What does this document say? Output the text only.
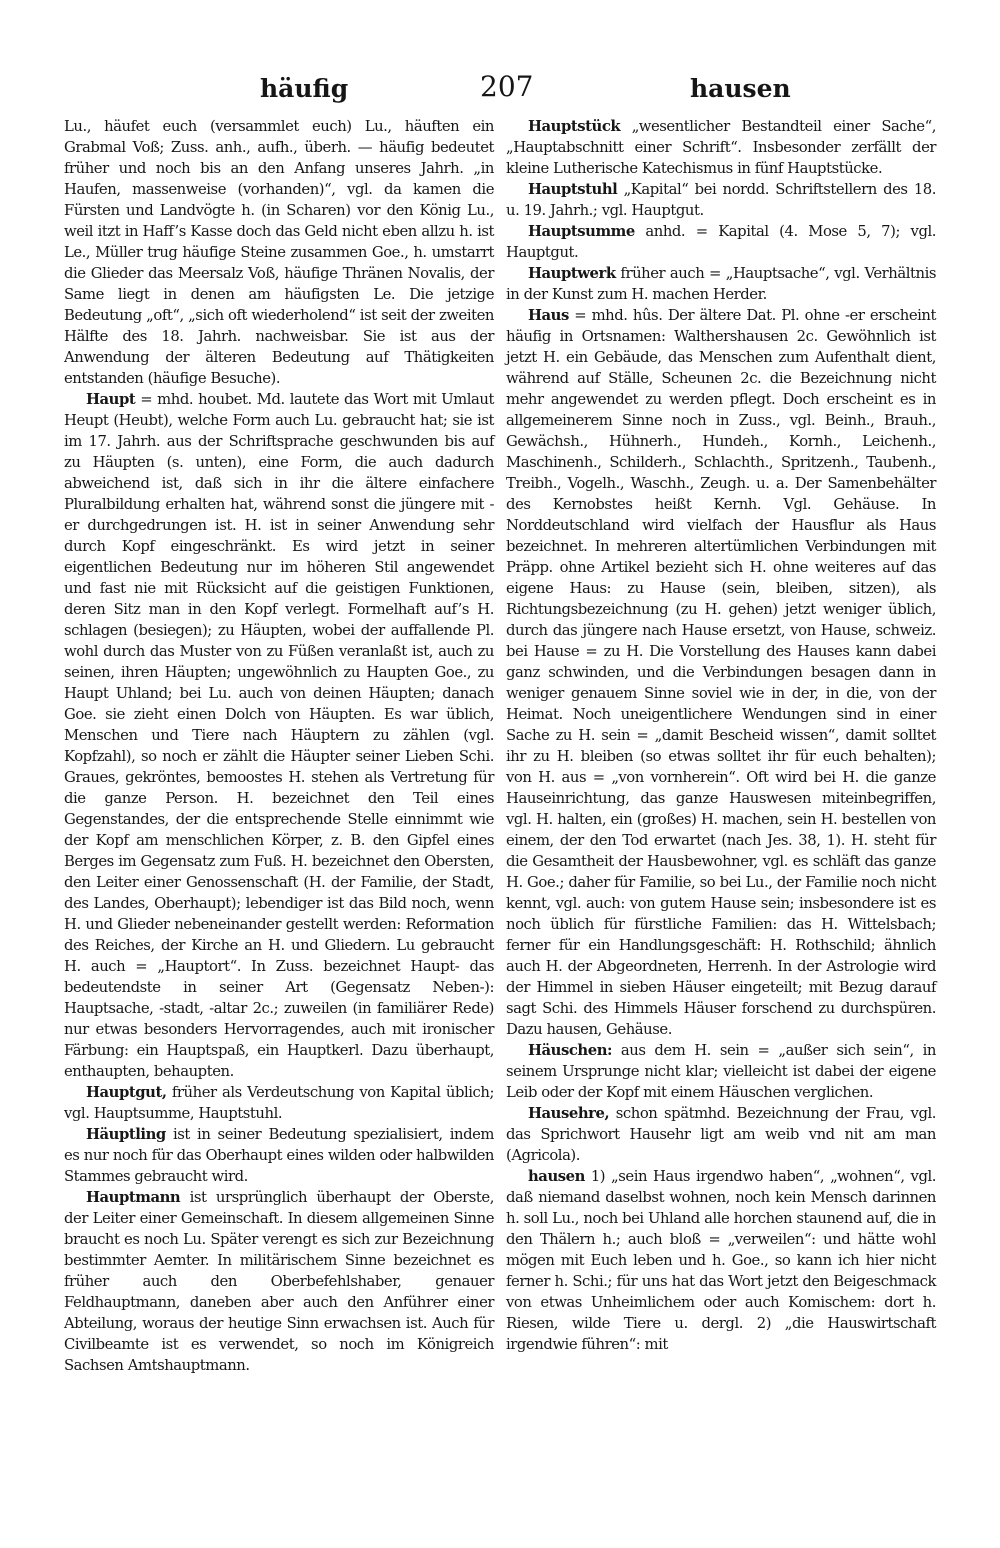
häufig	207	hausen

Lu., häufet euch (versammlet euch) Lu., häuften ein Grabmal Voß; Zuss. anh., aufh., überh. — häufig bedeutet früher und noch bis an den Anfang unseres Jahrh. „in Haufen, massenweise (vorhanden)“, vgl. da kamen die Fürsten und Landvögte h. (in Scharen) vor den König Lu., weil itzt in Haff’s Kasse doch das Geld nicht eben allzu h. ist Le., Müller trug häufige Steine zusammen Goe., h. umstarrt die Glieder das Meersalz Voß, häufige Thränen Novalis, der Same liegt in denen am häufigsten Le. Die jetzige Bedeutung „oft“, „sich oft wiederholend“ ist seit der zweiten Hälfte des 18. Jahrh. nachweisbar. Sie ist aus der Anwendung der älteren Bedeutung auf Thätigkeiten entstanden (häufige Besuche).

Haupt = mhd. houbet. Md. lautete das Wort mit Umlaut Heupt (Heubt), welche Form auch Lu. gebraucht hat; sie ist im 17. Jahrh. aus der Schriftsprache geschwunden bis auf zu Häupten (s. unten), eine Form, die auch dadurch abweichend ist, daß sich in ihr die ältere einfachere Pluralbildung erhalten hat, während sonst die jüngere mit -er durchgedrungen ist. H. ist in seiner Anwendung sehr durch Kopf eingeschränkt. Es wird jetzt in seiner eigentlichen Bedeutung nur im höheren Stil angewendet und fast nie mit Rücksicht auf die geistigen Funktionen, deren Sitz man in den Kopf verlegt. Formelhaft auf’s H. schlagen (besiegen); zu Häupten, wobei der auffallende Pl. wohl durch das Muster von zu Füßen veranlaßt ist, auch zu seinen, ihren Häupten; ungewöhnlich zu Haupten Goe., zu Haupt Uhland; bei Lu. auch von deinen Häupten; danach Goe. sie zieht einen Dolch von Häupten. Es war üblich, Menschen und Tiere nach Häuptern zu zählen (vgl. Kopfzahl), so noch er zählt die Häupter seiner Lieben Schi. Graues, gekröntes, bemoostes H. stehen als Vertretung für die ganze Person. H. bezeichnet den Teil eines Gegenstandes, der die entsprechende Stelle einnimmt wie der Kopf am menschlichen Körper, z. B. den Gipfel eines Berges im Gegensatz zum Fuß. H. bezeichnet den Obersten, den Leiter einer Genossenschaft (H. der Familie, der Stadt, des Landes, Oberhaupt); lebendiger ist das Bild noch, wenn H. und Glieder nebeneinander gestellt werden: Reformation des Reiches, der Kirche an H. und Gliedern. Lu gebraucht H. auch = „Hauptort“. In Zuss. bezeichnet Haupt- das bedeutendste in seiner Art (Gegensatz Neben-): Hauptsache, -stadt, -altar 2c.; zuweilen (in familiärer Rede) nur etwas besonders Hervorragendes, auch mit ironischer Färbung: ein Hauptspaß, ein Hauptkerl. Dazu überhaupt, enthaupten, behaupten.

Hauptgut, früher als Verdeutschung von Kapital üblich; vgl. Hauptsumme, Hauptstuhl.

Häuptling ist in seiner Bedeutung spezialisiert, indem es nur noch für das Oberhaupt eines wilden oder halbwilden Stammes gebraucht wird.

Hauptmann ist ursprünglich überhaupt der Oberste, der Leiter einer Gemeinschaft. In diesem allgemeinen Sinne braucht es noch Lu. Später verengt es sich zur Bezeichnung bestimmter Aemter. In militärischem Sinne bezeichnet es früher auch den Oberbefehlshaber, genauer Feldhauptmann, daneben aber auch den Anführer einer Abteilung, woraus der heutige Sinn erwachsen ist. Auch für Civilbeamte ist es verwendet, so noch im Königreich Sachsen Amtshauptmann.

Hauptstück „wesentlicher Bestandteil einer Sache“, „Hauptabschnitt einer Schrift“. Insbesonder zerfällt der kleine Lutherische Katechismus in fünf Hauptstücke.

Hauptstuhl „Kapital“ bei nordd. Schriftstellern des 18. u. 19. Jahrh.; vgl. Hauptgut.

Hauptsumme anhd. = Kapital (4. Mose 5, 7); vgl. Hauptgut.

Hauptwerk früher auch = „Hauptsache“, vgl. Verhältnis in der Kunst zum H. machen Herder.

Haus = mhd. hûs. Der ältere Dat. Pl. ohne -er erscheint häufig in Ortsnamen: Walthershausen 2c. Gewöhnlich ist jetzt H. ein Gebäude, das Menschen zum Aufenthalt dient, während auf Ställe, Scheunen 2c. die Bezeichnung nicht mehr angewendet zu werden pflegt. Doch erscheint es in allgemeinerem Sinne noch in Zuss., vgl. Beinh., Brauh., Gewächsh., Hühnerh., Hundeh., Kornh., Leichenh., Maschinenh., Schilderh., Schlachth., Spritzenh., Taubenh., Treibh., Vogelh., Waschh., Zeugh. u. a. Der Samenbehälter des Kernobstes heißt Kernh. Vgl. Gehäuse. In Norddeutschland wird vielfach der Hausflur als Haus bezeichnet. In mehreren altertümlichen Verbindungen mit Präpp. ohne Artikel bezieht sich H. ohne weiteres auf das eigene Haus: zu Hause (sein, bleiben, sitzen), als Richtungsbezeichnung (zu H. gehen) jetzt weniger üblich, durch das jüngere nach Hause ersetzt, von Hause, schweiz. bei Hause = zu H. Die Vorstellung des Hauses kann dabei ganz schwinden, und die Verbindungen besagen dann in weniger genauem Sinne soviel wie in der, in die, von der Heimat. Noch uneigentlichere Wendungen sind in einer Sache zu H. sein = „damit Bescheid wissen“, damit solltet ihr zu H. bleiben (so etwas solltet ihr für euch behalten); von H. aus = „von vornherein“. Oft wird bei H. die ganze Hauseinrichtung, das ganze Hauswesen miteinbegriffen, vgl. H. halten, ein (großes) H. machen, sein H. bestellen von einem, der den Tod erwartet (nach Jes. 38, 1). H. steht für die Gesamtheit der Hausbewohner, vgl. es schläft das ganze H. Goe.; daher für Familie, so bei Lu., der Familie noch nicht kennt, vgl. auch: von gutem Hause sein; insbesondere ist es noch üblich für fürstliche Familien: das H. Wittelsbach; ferner für ein Handlungsgeschäft: H. Rothschild; ähnlich auch H. der Abgeordneten, Herrenh. In der Astrologie wird der Himmel in sieben Häuser eingeteilt; mit Bezug darauf sagt Schi. des Himmels Häuser forschend zu durchspüren. Dazu hausen, Gehäuse.

Häuschen: aus dem H. sein = „außer sich sein“, in seinem Ursprunge nicht klar; vielleicht ist dabei der eigene Leib oder der Kopf mit einem Häuschen verglichen.

Hausehre, schon spätmhd. Bezeichnung der Frau, vgl. das Sprichwort Hausehr ligt am weib vnd nit am man (Agricola).

hausen 1) „sein Haus irgendwo haben“, „wohnen“, vgl. daß niemand daselbst wohnen, noch kein Mensch darinnen h. soll Lu., noch bei Uhland alle horchen staunend auf, die in den Thälern h.; auch bloß = „verweilen“: und hätte wohl mögen mit Euch leben und h. Goe., so kann ich hier nicht ferner h. Schi.; für uns hat das Wort jetzt den Beigeschmack von etwas Unheimlichem oder auch Komischem: dort h. Riesen, wilde Tiere u. dergl. 2) „die Hauswirtschaft irgendwie führen“: mit
